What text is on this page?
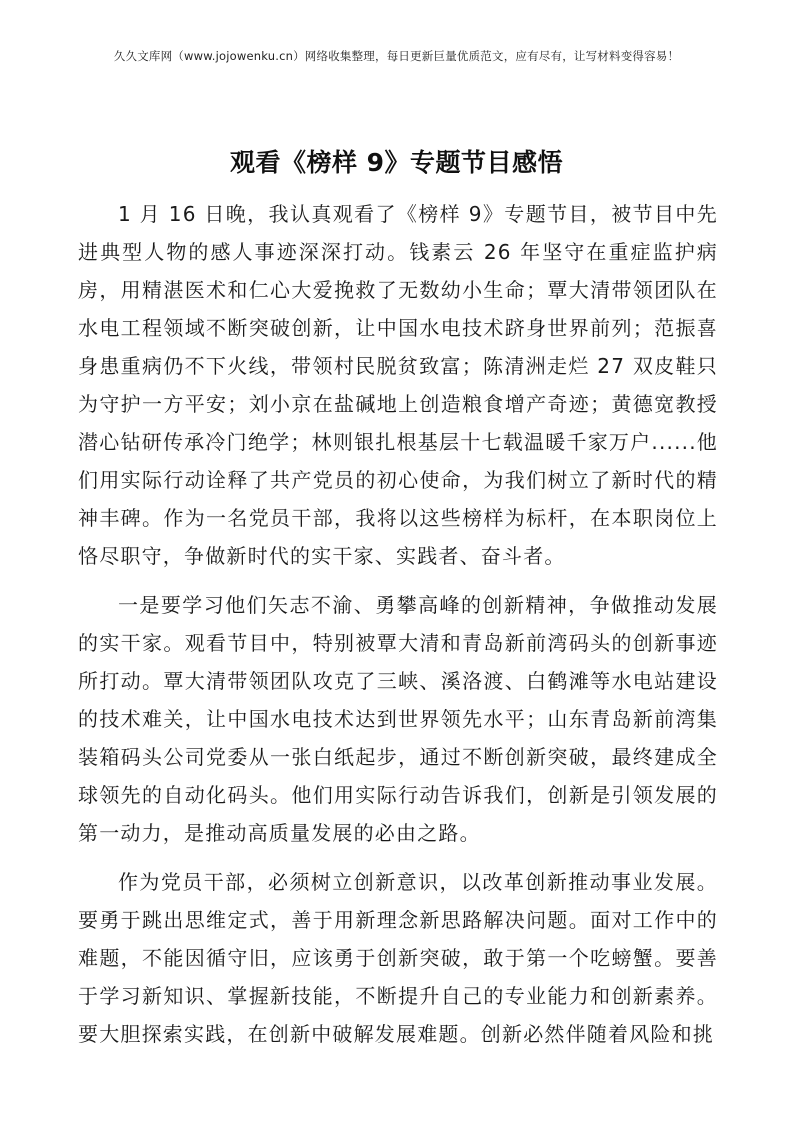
久久文库网（www.jojowenku.cn）网络收集整理，每日更新巨量优质范文，应有尽有，让写材料变得容易！
观看《榜样 9》专题节目感悟

1 月 16 日晚，我认真观看了《榜样 9》专题节目，被节目中先进典型人物的感人事迹深深打动。钱素云 26 年坚守在重症监护病房，用精湛医术和仁心大爱挽救了无数幼小生命；覃大清带领团队在水电工程领域不断突破创新，让中国水电技术跻身世界前列；范振喜身患重病仍不下火线，带领村民脱贫致富；陈清洲走烂 27 双皮鞋只为守护一方平安；刘小京在盐碱地上创造粮食增产奇迹；黄德宽教授潜心钻研传承冷门绝学；林则银扎根基层十七载温暖千家万户......他们用实际行动诠释了共产党员的初心使命，为我们树立了新时代的精神丰碑。作为一名党员干部，我将以这些榜样为标杆，在本职岗位上恪尽职守，争做新时代的实干家、实践者、奋斗者。

一是要学习他们矢志不渝、勇攀高峰的创新精神，争做推动发展的实干家。观看节目中，特别被覃大清和青岛新前湾码头的创新事迹所打动。覃大清带领团队攻克了三峡、溪洛渡、白鹤滩等水电站建设的技术难关，让中国水电技术达到世界领先水平；山东青岛新前湾集装箱码头公司党委从一张白纸起步，通过不断创新突破，最终建成全球领先的自动化码头。他们用实际行动告诉我们，创新是引领发展的第一动力，是推动高质量发展的必由之路。

作为党员干部，必须树立创新意识，以改革创新推动事业发展。要勇于跳出思维定式，善于用新理念新思路解决问题。面对工作中的难题，不能因循守旧，应该勇于创新突破，敢于第一个吃螃蟹。要善于学习新知识、掌握新技能，不断提升自己的专业能力和创新素养。要大胆探索实践，在创新中破解发展难题。创新必然伴随着风险和挑
